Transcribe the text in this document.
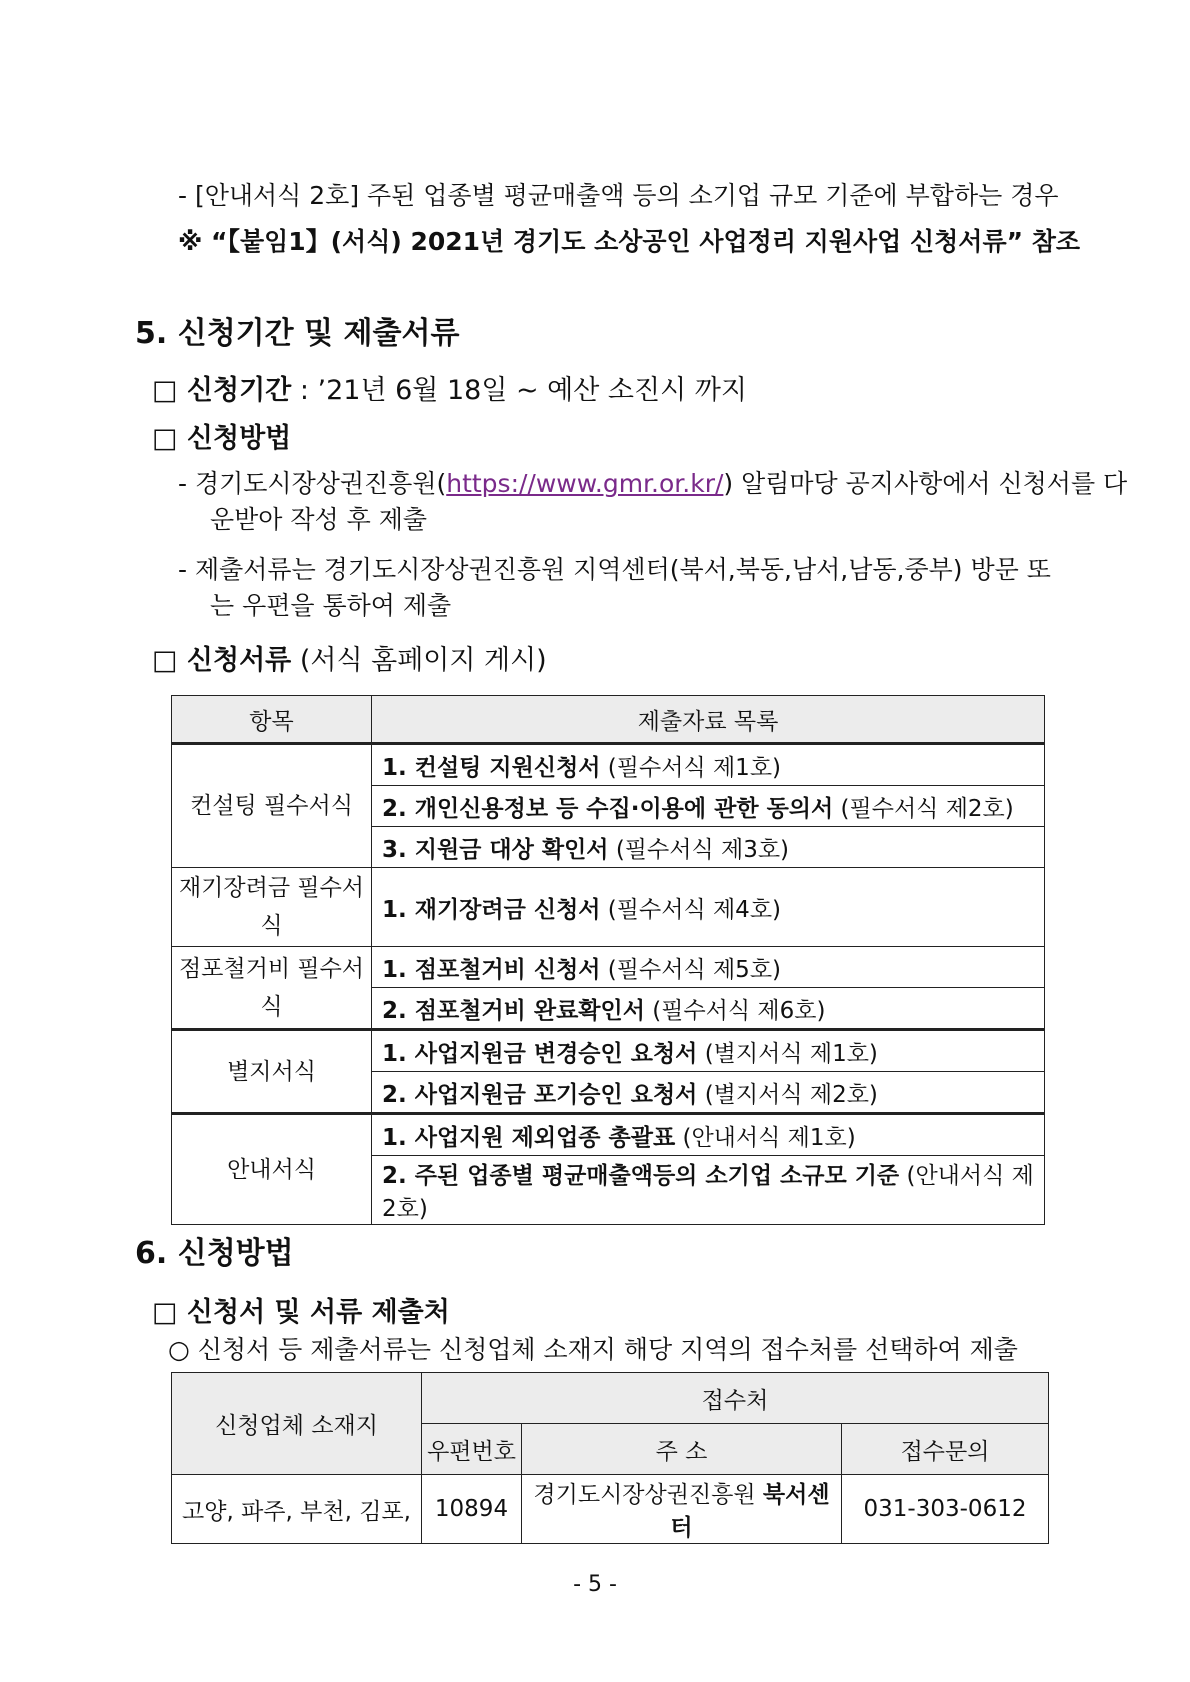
- [안내서식 2호] 주된 업종별 평균매출액 등의 소기업 규모 기준에 부합하는 경우
※ “【붙임1】(서식) 2021년 경기도 소상공인 사업정리 지원사업 신청서류” 참조
5. 신청기간 및 제출서류
□ 신청기간 : ’21년 6월 18일 ~ 예산 소진시 까지
□ 신청방법
- 경기도시장상권진흥원(https://www.gmr.or.kr/) 알림마당 공지사항에서 신청서를 다
운받아 작성 후 제출
- 제출서류는 경기도시장상권진흥원 지역센터(북서,북동,남서,남동,중부) 방문 또
는 우편을 통하여 제출
□ 신청서류 (서식 홈페이지 게시)
항목	제출자료 목록
컨설팅 필수서식	1. 컨설팅 지원신청서 (필수서식 제1호)
	2. 개인신용정보 등 수집·이용에 관한 동의서 (필수서식 제2호)
	3. 지원금 대상 확인서 (필수서식 제3호)
재기장려금 필수서식	1. 재기장려금 신청서 (필수서식 제4호)
점포철거비 필수서식	1. 점포철거비 신청서 (필수서식 제5호)
	2. 점포철거비 완료확인서 (필수서식 제6호)
별지서식	1. 사업지원금 변경승인 요청서 (별지서식 제1호)
	2. 사업지원금 포기승인 요청서 (별지서식 제2호)
안내서식	1. 사업지원 제외업종 총괄표 (안내서식 제1호)
	2. 주된 업종별 평균매출액등의 소기업 소규모 기준 (안내서식 제2호)
6. 신청방법
□ 신청서 및 서류 제출처
○ 신청서 등 제출서류는 신청업체 소재지 해당 지역의 접수처를 선택하여 제출
신청업체 소재지	접수처		
	우편번호	주 소	접수문의
고양, 파주, 부천, 김포,	10894	경기도시장상권진흥원 북서센터	031-303-0612
- 5 -
